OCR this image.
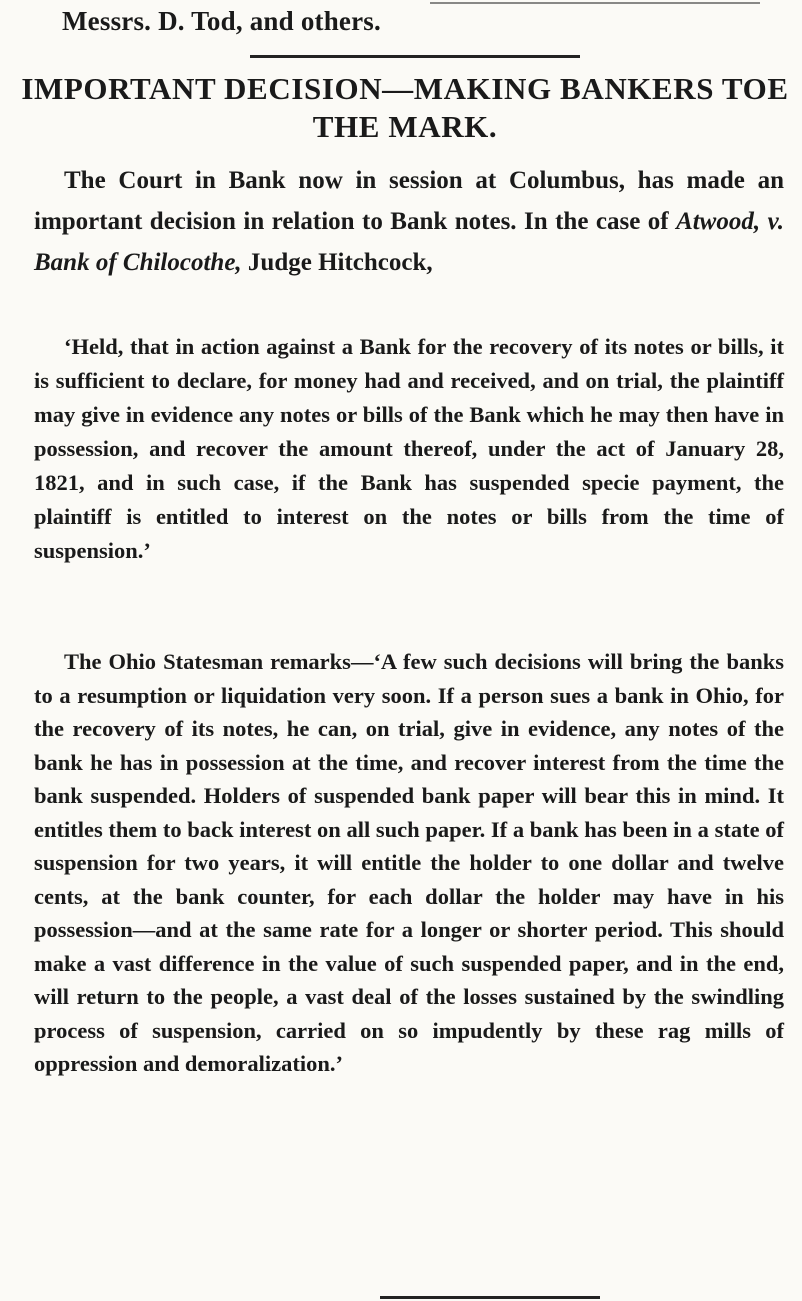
Messrs. D. Tod, and others.
IMPORTANT DECISION—MAKING BANKERS TOE THE MARK.
The Court in Bank now in session at Columbus, has made an important decision in relation to Bank notes. In the case of Atwood, v. Bank of Chilocothe, Judge Hitchcock,
‘Held, that in action against a Bank for the recovery of its notes or bills, it is sufficient to declare, for money had and received, and on trial, the plaintiff may give in evidence any notes or bills of the Bank which he may then have in possession, and recover the amount thereof, under the act of January 28, 1821, and in such case, if the Bank has suspended specie payment, the plaintiff is entitled to interest on the notes or bills from the time of suspension.’
The Ohio Statesman remarks—‘A few such decisions will bring the banks to a resumption or liquidation very soon. If a person sues a bank in Ohio, for the recovery of its notes, he can, on trial, give in evidence, any notes of the bank he has in possession at the time, and recover interest from the time the bank suspended. Holders of suspended bank paper will bear this in mind. It entitles them to back interest on all such paper. If a bank has been in a state of suspension for two years, it will entitle the holder to one dollar and twelve cents, at the bank counter, for each dollar the holder may have in his possession—and at the same rate for a longer or shorter period. This should make a vast difference in the value of such suspended paper, and in the end, will return to the people, a vast deal of the losses sustained by the swindling process of suspension, carried on so impudently by these rag mills of oppression and demoralization.’
